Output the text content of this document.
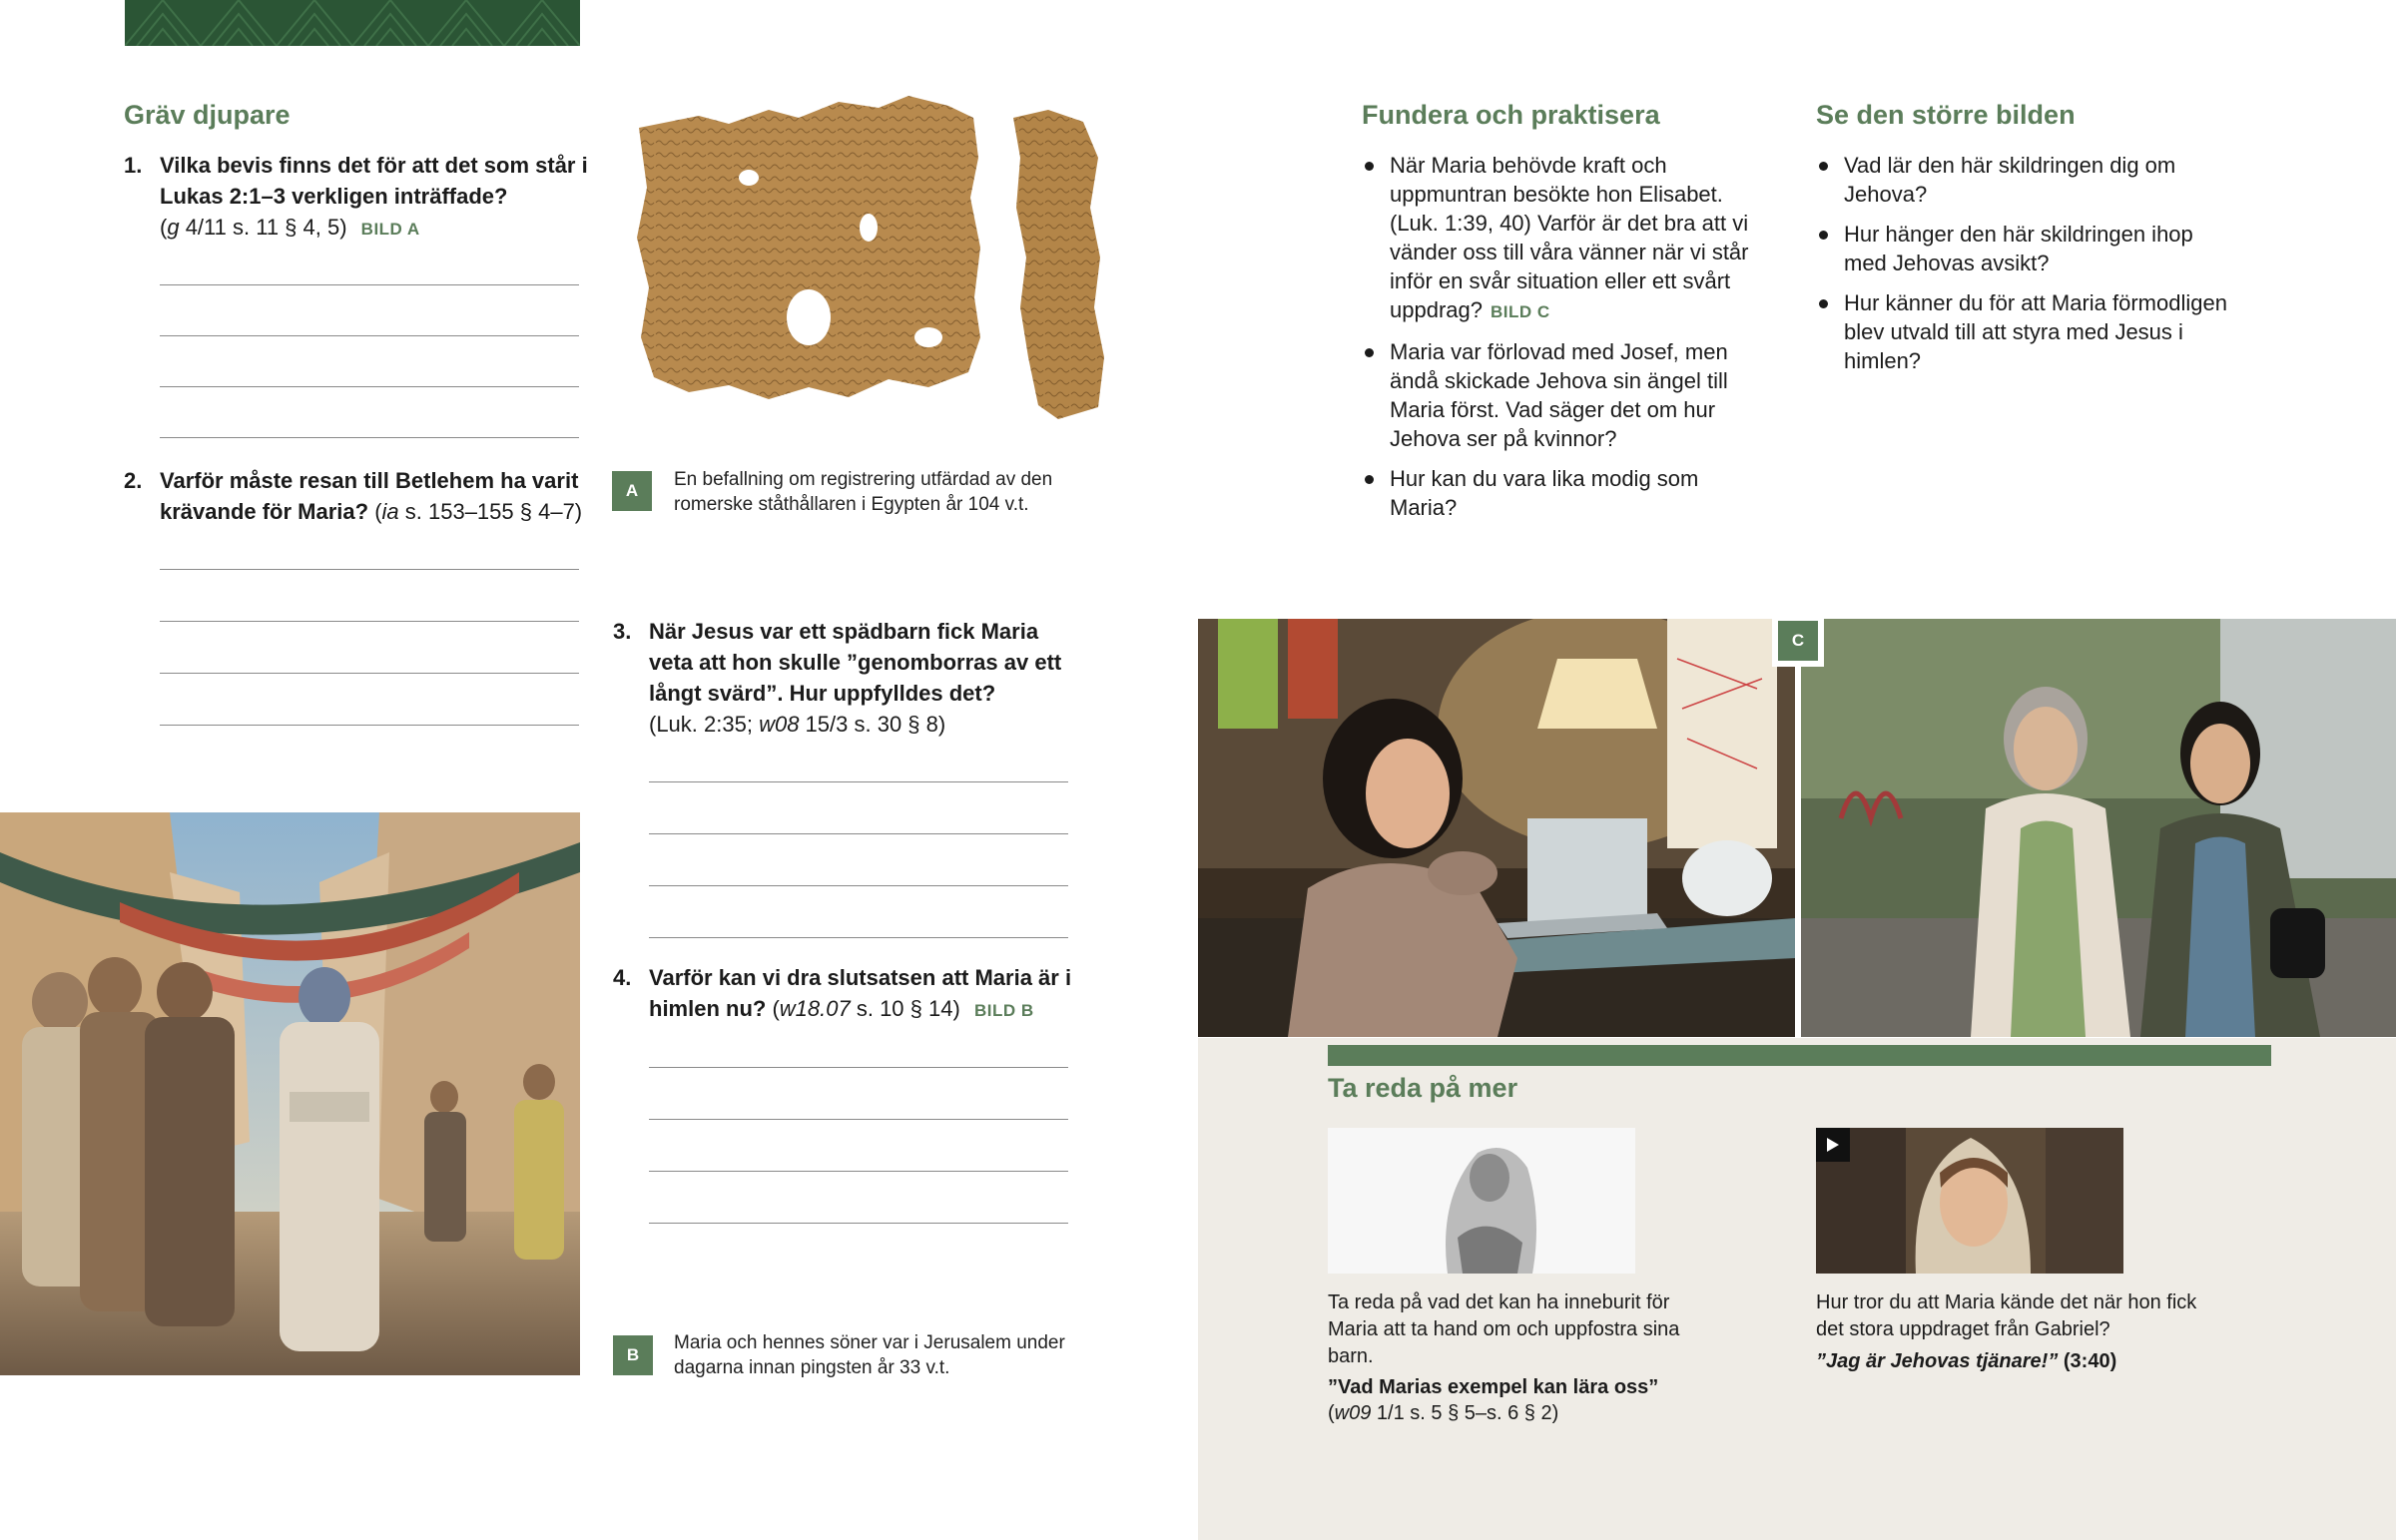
Gräv djupare
1. Vilka bevis finns det för att det som står i Lukas 2:1–3 verkligen inträffade?
(g 4/11 s. 11 § 4, 5) BILD A
2. Varför måste resan till Betlehem ha varit krävande för Maria? (ia s. 153–155 § 4–7)
A
En befallning om registrering utfärdad av den romerske ståthållaren i Egypten år 104 v.t.
3. När Jesus var ett spädbarn fick Maria veta att hon skulle ”genomborras av ett långt svärd”. Hur uppfylldes det?
(Luk. 2:35; w08 15/3 s. 30 § 8)
4. Varför kan vi dra slutsatsen att Maria är i himlen nu? (w18.07 s. 10 § 14) BILD B
B
Maria och hennes söner var i Jerusalem under dagarna innan pingsten år 33 v.t.
Fundera och praktisera
När Maria behövde kraft och uppmuntran besökte hon Elisabet. (Luk. 1:39, 40) Varför är det bra att vi vänder oss till våra vänner när vi står inför en svår situation eller ett svårt uppdrag? BILD C
Maria var förlovad med Josef, men ändå skickade Jehova sin ängel till Maria först. Vad säger det om hur Jehova ser på kvinnor?
Hur kan du vara lika modig som Maria?
Se den större bilden
Vad lär den här skildringen dig om Jehova?
Hur hänger den här skildringen ihop med Jehovas avsikt?
Hur känner du för att Maria förmodligen blev utvald till att styra med Jesus i himlen?
C
Ta reda på mer
Ta reda på vad det kan ha inneburit för Maria att ta hand om och uppfostra sina barn.
”Vad Marias exempel kan lära oss”
(w09 1/1 s. 5 § 5–s. 6 § 2)
Hur tror du att Maria kände det när hon fick det stora uppdraget från Gabriel?
”Jag är Jehovas tjänare!” (3:40)
